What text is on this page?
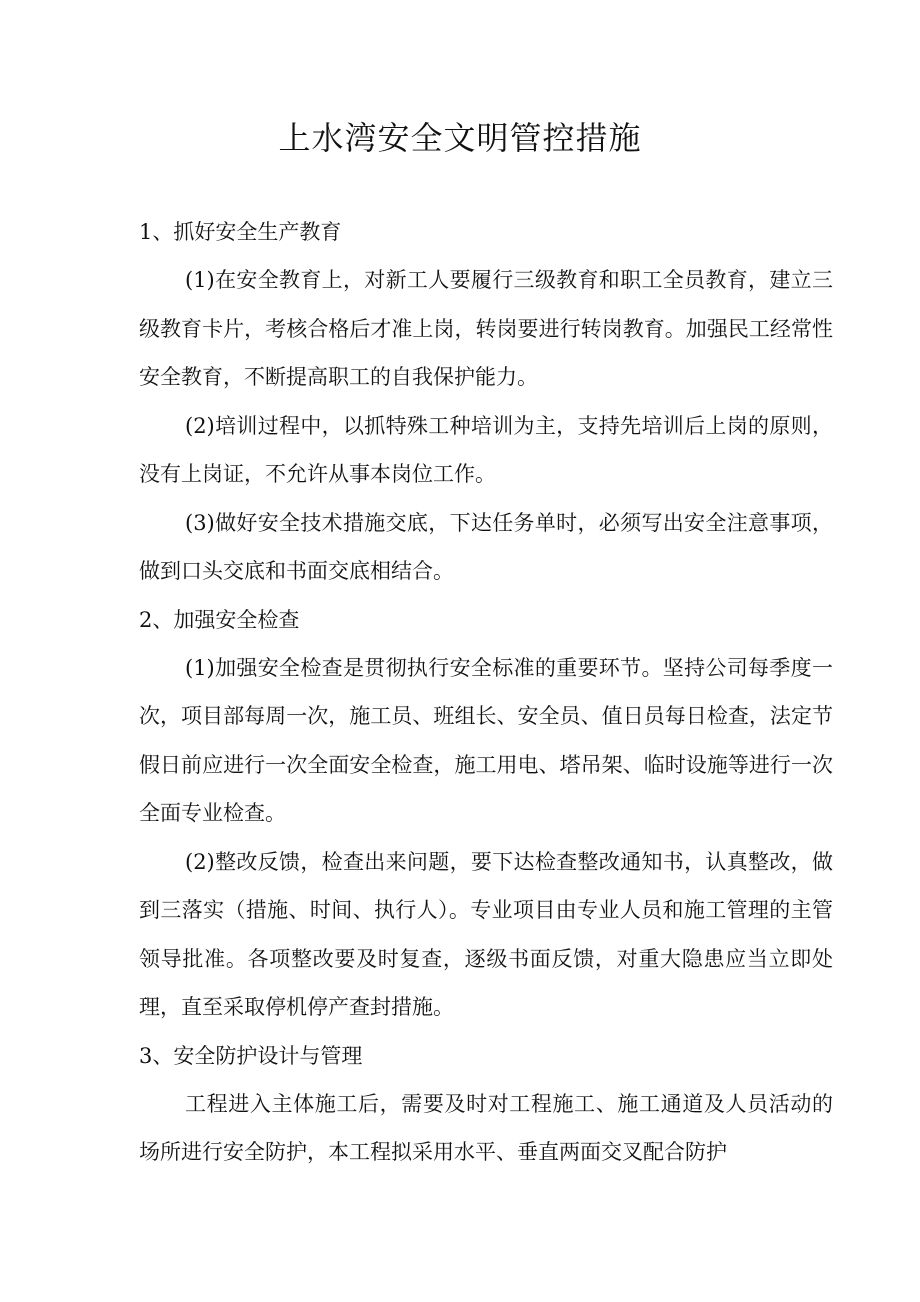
上水湾安全文明管控措施

1、抓好安全生产教育

(1)在安全教育上，对新工人要履行三级教育和职工全员教育，建立三级教育卡片，考核合格后才准上岗，转岗要进行转岗教育。加强民工经常性安全教育，不断提高职工的自我保护能力。

(2)培训过程中，以抓特殊工种培训为主，支持先培训后上岗的原则，没有上岗证，不允许从事本岗位工作。

(3)做好安全技术措施交底，下达任务单时，必须写出安全注意事项，做到口头交底和书面交底相结合。

2、加强安全检查

(1)加强安全检查是贯彻执行安全标准的重要环节。坚持公司每季度一次，项目部每周一次，施工员、班组长、安全员、值日员每日检查，法定节假日前应进行一次全面安全检查，施工用电、塔吊架、临时设施等进行一次全面专业检查。

(2)整改反馈，检查出来问题，要下达检查整改通知书，认真整改，做到三落实（措施、时间、执行人）。专业项目由专业人员和施工管理的主管领导批准。各项整改要及时复查，逐级书面反馈，对重大隐患应当立即处理，直至采取停机停产查封措施。

3、安全防护设计与管理

工程进入主体施工后，需要及时对工程施工、施工通道及人员活动的场所进行安全防护，本工程拟采用水平、垂直两面交叉配合防护
